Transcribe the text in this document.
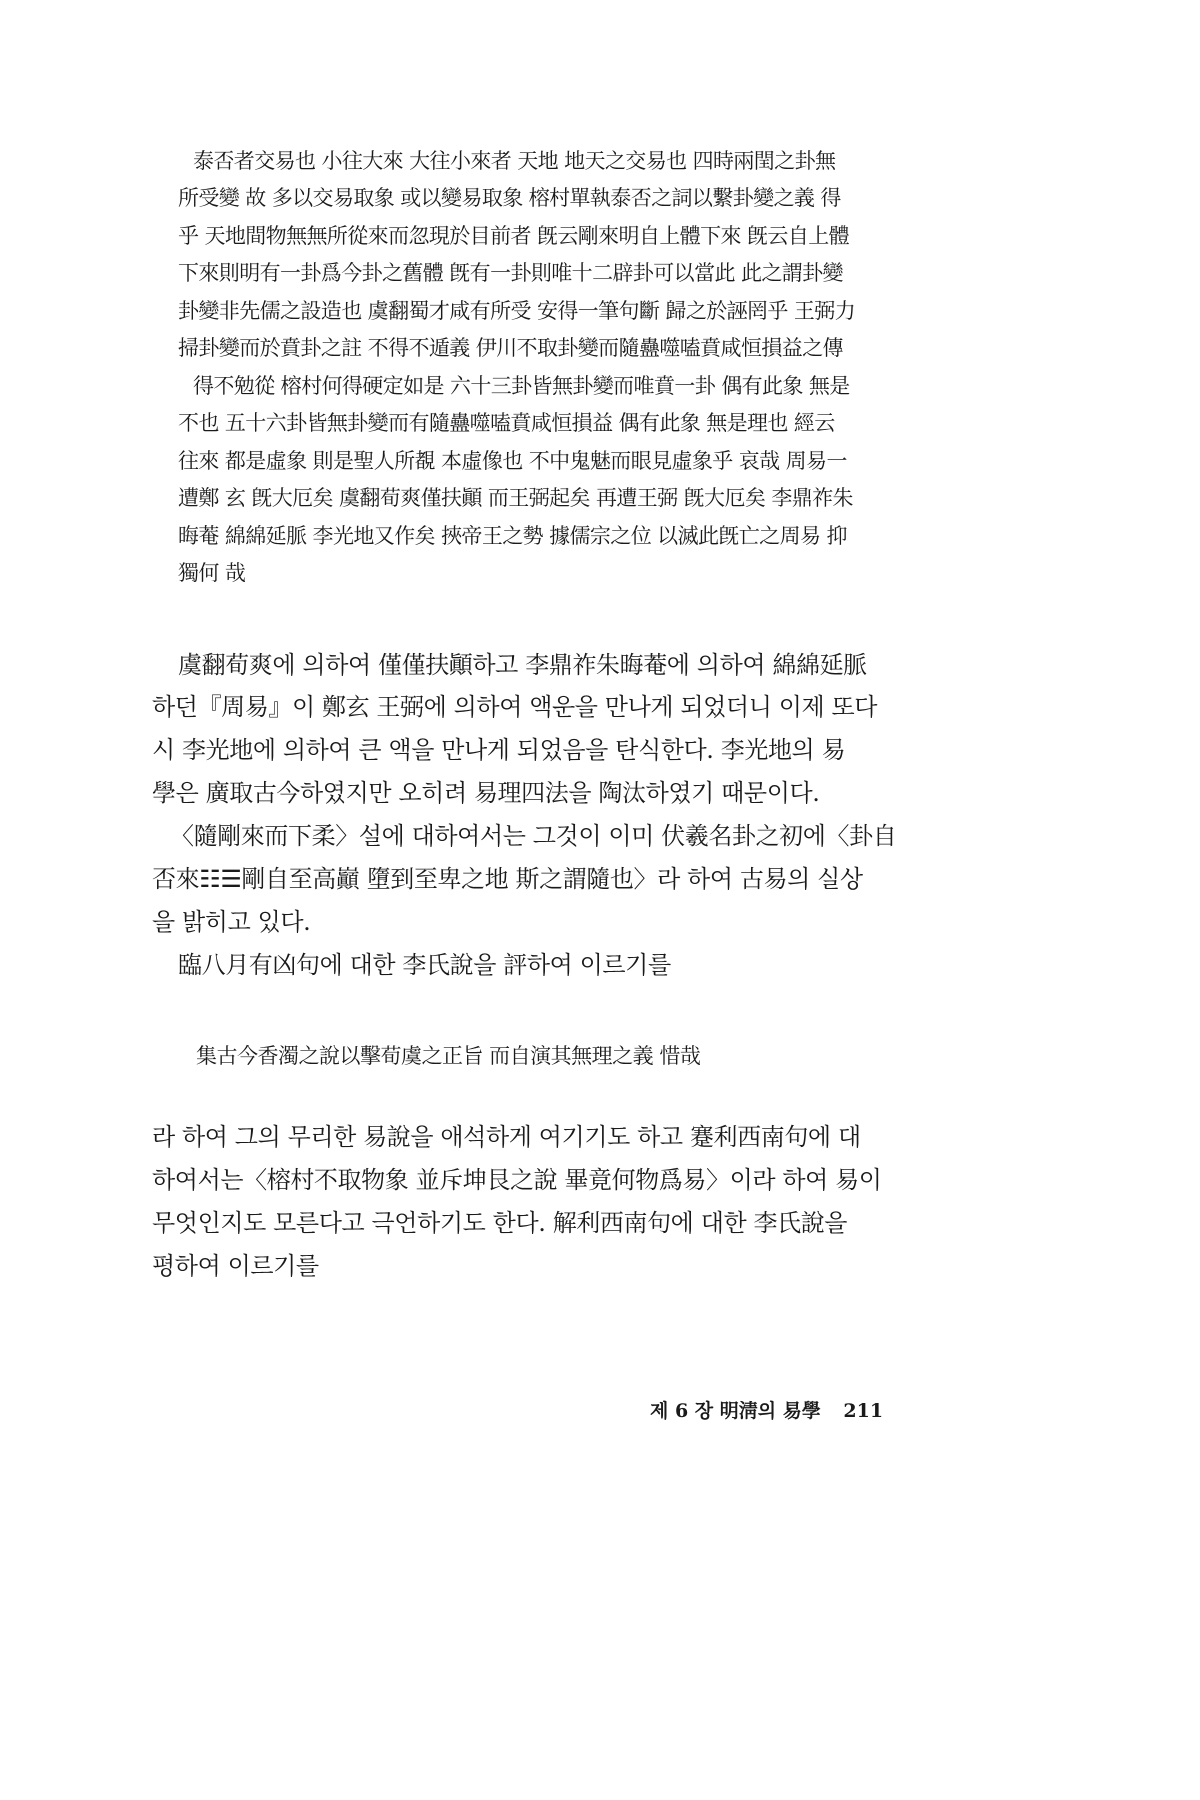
泰否者交易也 小往大來 大往小來者 天地 地天之交易也 四時兩閏之卦無
所受變 故 多以交易取象 或以變易取象 榕村單執泰否之詞以繫卦變之義 得
乎 天地間物無無所從來而忽現於目前者 旣云剛來明自上體下來 旣云自上體
下來則明有一卦爲今卦之舊體 旣有一卦則唯十二辟卦可以當此 此之謂卦變
卦變非先儒之設造也 虞翻蜀才咸有所受 安得一筆句斷 歸之於誣罔乎 王弼力
掃卦變而於賁卦之註 不得不遁義 伊川不取卦變而隨蠱噬嗑賁咸恒損益之傳
得不勉從 榕村何得硬定如是 六十三卦皆無卦變而唯賁一卦 偶有此象 無是
不也 五十六卦皆無卦變而有隨蠱噬嗑賁咸恒損益 偶有此象 無是理也 經云
往來 都是虛象 則是聖人所覩 本虛像也 不中鬼魅而眼見虛象乎 哀哉 周易一
遭鄭 玄 旣大厄矣 虞翻荀爽僅扶顚 而王弼起矣 再遭王弼 旣大厄矣 李鼎祚朱
晦菴 綿綿延脈 李光地又作矣 挾帝王之勢 據儒宗之位 以滅此旣亡之周易 抑
獨何 哉
虞翻荀爽에 의하여 僅僅扶顚하고 李鼎祚朱晦菴에 의하여 綿綿延脈
하던『周易』이 鄭玄 王弼에 의하여 액운을 만나게 되었더니 이제 또다
시 李光地에 의하여 큰 액을 만나게 되었음을 탄식한다. 李光地의 易
學은 廣取古今하였지만 오히려 易理四法을 陶汰하였기 때문이다.
〈隨剛來而下柔〉설에 대하여서는 그것이 이미 伏羲名卦之初에〈卦自
否來☷☰剛自至高巓 墮到至卑之地 斯之謂隨也〉라 하여 古易의 실상
을 밝히고 있다.
臨八月有凶句에 대한 李氏說을 評하여 이르기를
集古今香濁之說以擊荀虞之正旨 而自演其無理之義 惜哉
라 하여 그의 무리한 易說을 애석하게 여기기도 하고 蹇利西南句에 대
하여서는〈榕村不取物象 並斥坤艮之說 畢竟何物爲易〉이라 하여 易이
무엇인지도 모른다고 극언하기도 한다. 解利西南句에 대한 李氏說을
평하여 이르기를
제 6 장 明淸의 易學 211
